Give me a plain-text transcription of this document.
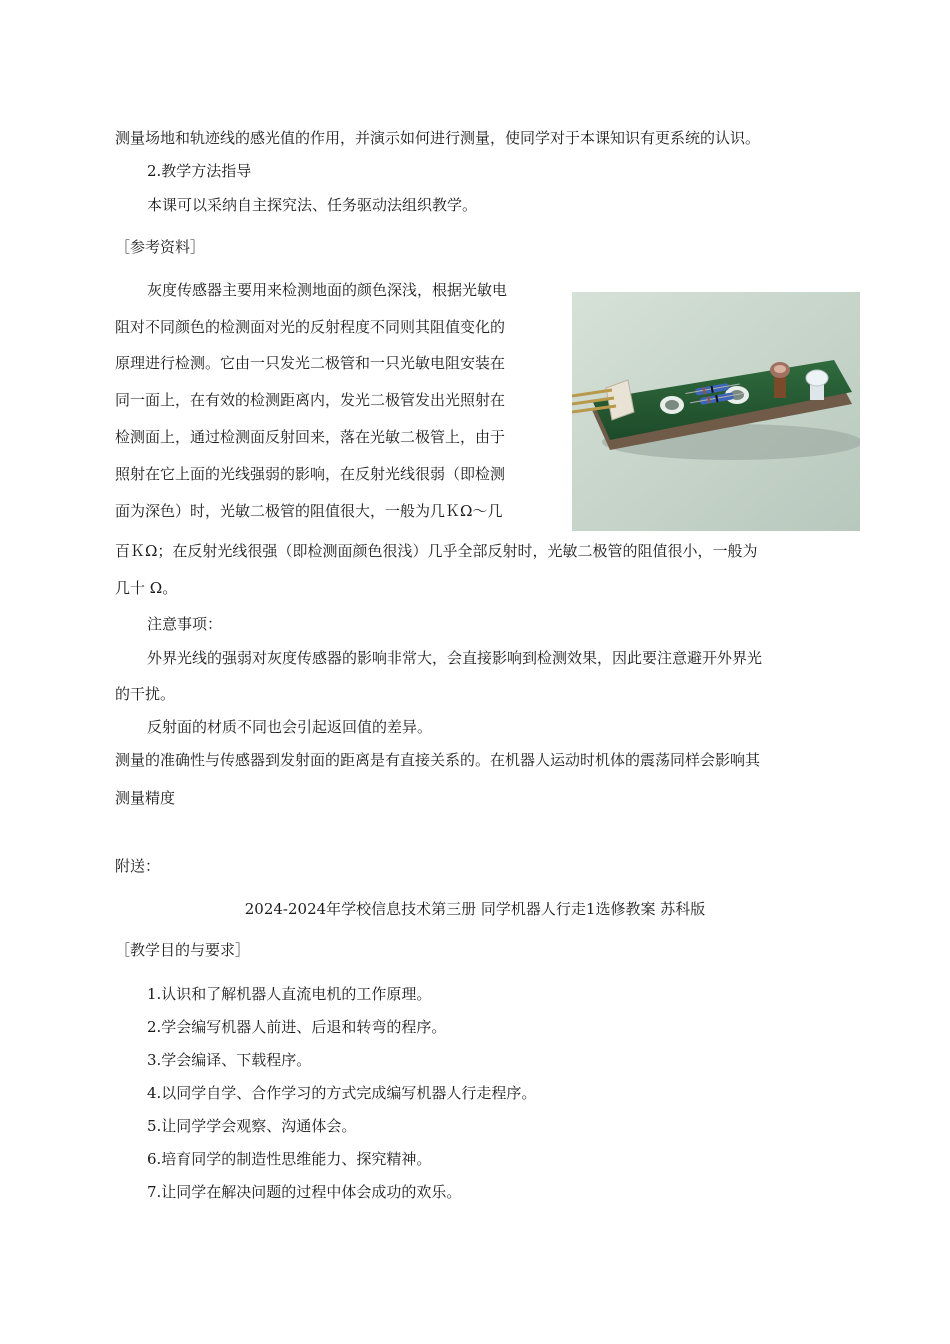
测量场地和轨迹线的感光值的作用，并演示如何进行测量，使同学对于本课知识有更系统的认识。
2.教学方法指导
本课可以采纳自主探究法、任务驱动法组织教学。
［参考资料］
灰度传感器主要用来检测地面的颜色深浅，根据光敏电
阻对不同颜色的检测面对光的反射程度不同则其阻值变化的
原理进行检测。它由一只发光二极管和一只光敏电阻安装在
同一面上，在有效的检测距离内，发光二极管发出光照射在
检测面上，通过检测面反射回来，落在光敏二极管上，由于
照射在它上面的光线强弱的影响，在反射光线很弱（即检测
面为深色）时，光敏二极管的阻值很大，一般为几ＫΩ～几
百ＫΩ；在反射光线很强（即检测面颜色很浅）几乎全部反射时，光敏二极管的阻值很小，一般为
几十 Ω。
注意事项：
外界光线的强弱对灰度传感器的影响非常大，会直接影响到检测效果，因此要注意避开外界光
的干扰。
反射面的材质不同也会引起返回值的差异。
测量的准确性与传感器到发射面的距离是有直接关系的。在机器人运动时机体的震荡同样会影响其
测量精度
附送：
2024-2024年学校信息技术第三册 同学机器人行走1选修教案 苏科版
［教学目的与要求］
1.认识和了解机器人直流电机的工作原理。
2.学会编写机器人前进、后退和转弯的程序。
3.学会编译、下载程序。
4.以同学自学、合作学习的方式完成编写机器人行走程序。
5.让同学学会观察、沟通体会。
6.培育同学的制造性思维能力、探究精神。
7.让同学在解决问题的过程中体会成功的欢乐。
